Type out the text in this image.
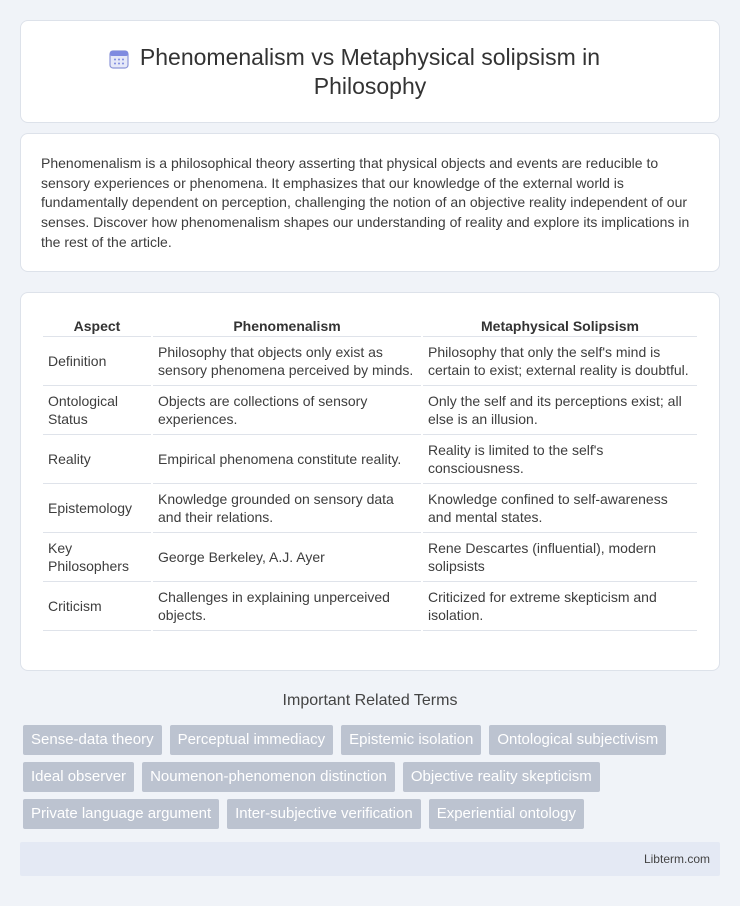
Phenomenalism vs Metaphysical solipsism in Philosophy

Phenomenalism is a philosophical theory asserting that physical objects and events are reducible to sensory experiences or phenomena. It emphasizes that our knowledge of the external world is fundamentally dependent on perception, challenging the notion of an objective reality independent of our senses. Discover how phenomenalism shapes our understanding of reality and explore its implications in the rest of the article.

Aspect	Phenomenalism	Metaphysical Solipsism
Definition	Philosophy that objects only exist as sensory phenomena perceived by minds.	Philosophy that only the self's mind is certain to exist; external reality is doubtful.
Ontological Status	Objects are collections of sensory experiences.	Only the self and its perceptions exist; all else is an illusion.
Reality	Empirical phenomena constitute reality.	Reality is limited to the self's consciousness.
Epistemology	Knowledge grounded on sensory data and their relations.	Knowledge confined to self-awareness and mental states.
Key Philosophers	George Berkeley, A.J. Ayer	Rene Descartes (influential), modern solipsists
Criticism	Challenges in explaining unperceived objects.	Criticized for extreme skepticism and isolation.
Important Related Terms
Sense-data theory	Perceptual immediacy	Epistemic isolation	Ontological subjectivism
Ideal observer	Noumenon-phenomenon distinction	Objective reality skepticism
Private language argument	Inter-subjective verification	Experiential ontology
Libterm.com
